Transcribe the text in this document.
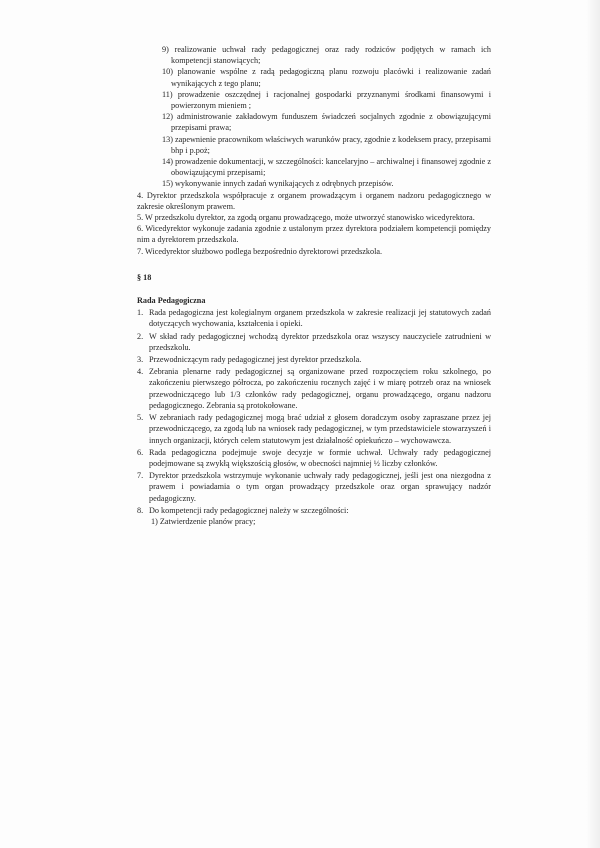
9) realizowanie uchwał rady pedagogicznej oraz rady rodziców podjętych w ramach ich kompetencji stanowiących;

10) planowanie wspólne z radą pedagogiczną planu rozwoju placówki i realizowanie zadań wynikających z tego planu;

11) prowadzenie oszczędnej i racjonalnej gospodarki przyznanymi środkami finansowymi i powierzonym mieniem ;

12) administrowanie zakładowym funduszem świadczeń socjalnych zgodnie z obowiązującymi przepisami prawa;

13) zapewnienie pracownikom właściwych warunków pracy, zgodnie z kodeksem pracy, przepisami bhp i p.poż;

14) prowadzenie dokumentacji, w szczególności: kancelaryjno – archiwalnej i finansowej zgodnie z obowiązującymi przepisami;

15) wykonywanie innych zadań wynikających z odrębnych przepisów.

4. Dyrektor przedszkola współpracuje z organem prowadzącym i organem nadzoru pedagogicznego w zakresie określonym prawem.

5. W przedszkolu dyrektor, za zgodą organu prowadzącego, może utworzyć stanowisko wicedyrektora.

6. Wicedyrektor wykonuje zadania zgodnie z ustalonym przez dyrektora podziałem kompetencji pomiędzy nim a dyrektorem przedszkola.

7. Wicedyrektor służbowo podlega bezpośrednio dyrektorowi przedszkola.

§ 18

Rada Pedagogiczna

1. Rada pedagogiczna jest kolegialnym organem przedszkola w zakresie realizacji jej statutowych zadań dotyczących wychowania, kształcenia i opieki.
2. W skład rady pedagogicznej wchodzą dyrektor przedszkola oraz wszyscy nauczyciele zatrudnieni w przedszkolu.
3. Przewodniczącym rady pedagogicznej jest dyrektor przedszkola.
4. Zebrania plenarne rady pedagogicznej są organizowane przed rozpoczęciem roku szkolnego, po zakończeniu pierwszego półrocza, po zakończeniu rocznych zajęć i w miarę potrzeb oraz na wniosek przewodniczącego lub 1/3 członków rady pedagogicznej, organu prowadzącego, organu nadzoru pedagogicznego. Zebrania są protokołowane.
5. W zebraniach rady pedagogicznej mogą brać udział z głosem doradczym osoby zapraszane przez jej przewodniczącego, za zgodą lub na wniosek rady pedagogicznej, w tym przedstawiciele stowarzyszeń i innych organizacji, których celem statutowym jest działalność opiekuńczo – wychowawcza.
6. Rada pedagogiczna podejmuje swoje decyzje w formie uchwał. Uchwały rady pedagogicznej podejmowane są zwykłą większością głosów, w obecności najmniej ½ liczby członków.
7. Dyrektor przedszkola wstrzymuje wykonanie uchwały rady pedagogicznej, jeśli jest ona niezgodna z prawem i powiadamia o tym organ prowadzący przedszkole oraz organ sprawujący nadzór pedagogiczny.
8. Do kompetencji rady pedagogicznej należy w szczególności:

1) Zatwierdzenie planów pracy;
